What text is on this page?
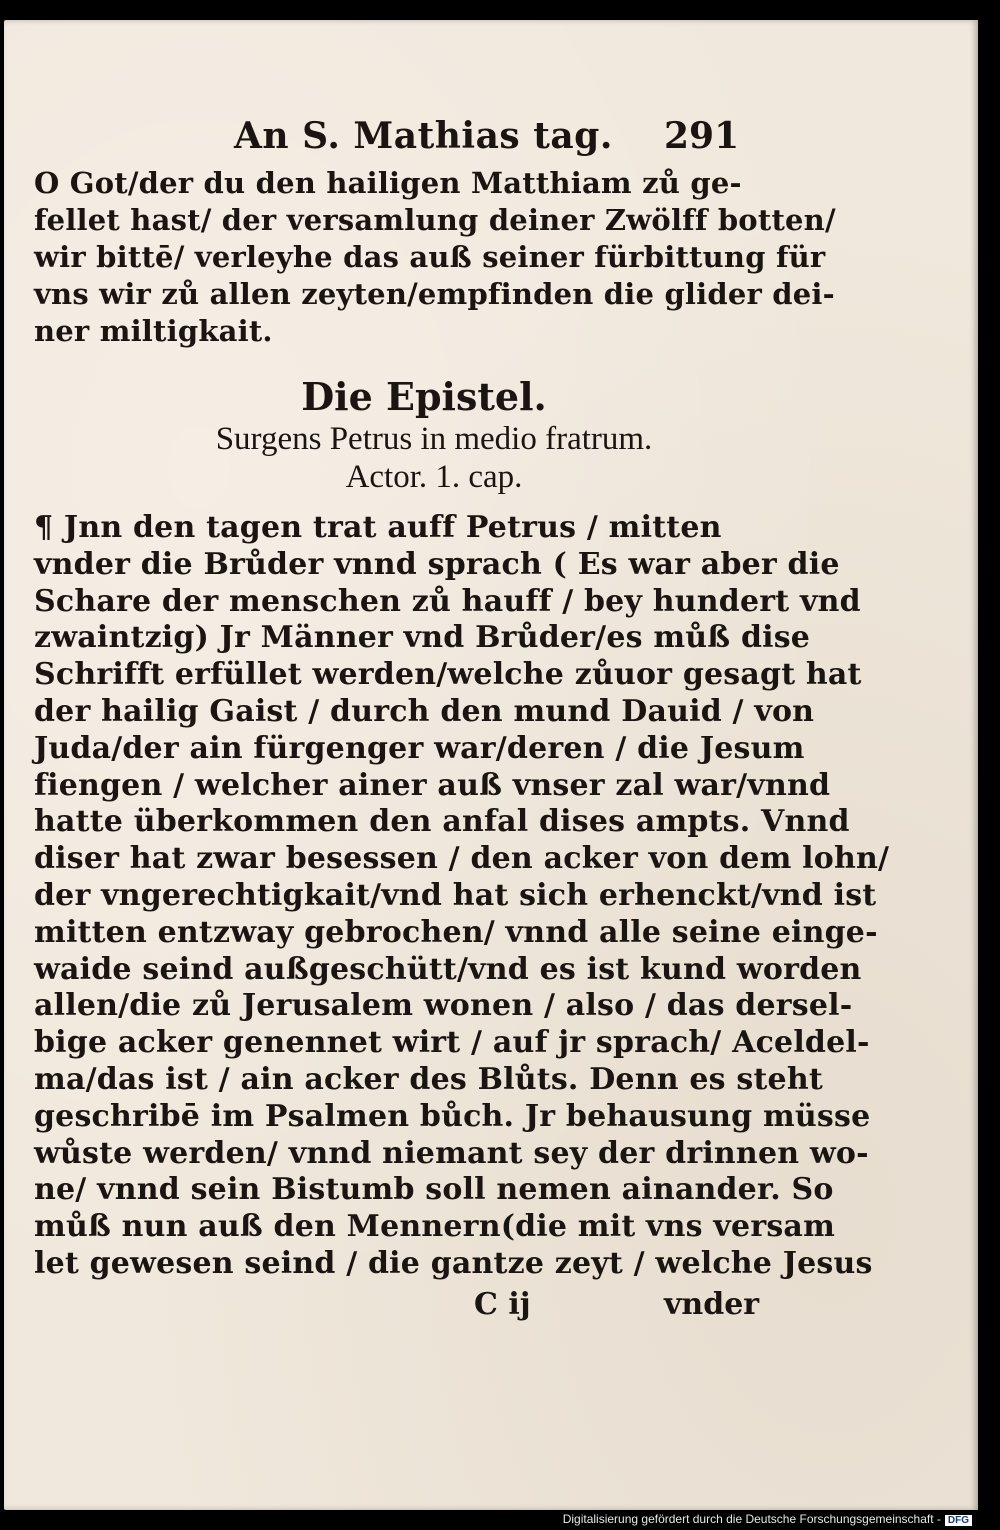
An S. Mathias tag. 291
O Got/der du den hailigen Matthiam zů ge-
fellet hast/ der versamlung deiner Zwölff botten/
wir bittē/ verleyhe das auß seiner fürbittung für
vns wir zů allen zeyten/empfinden die glider dei-
ner miltigkait.
Die Epistel.
Surgens Petrus in medio fratrum.
Actor. 1. cap.
¶ Jnn den tagen trat auff Petrus / mitten
vnder die Brůder vnnd sprach ( Es war aber die
Schare der menschen zů hauff / bey hundert vnd
zwaintzig) Jr Männer vnd Brůder/es můß dise
Schrifft erfüllet werden/welche zůuor gesagt hat
der hailig Gaist / durch den mund Dauid / von
Juda/der ain fürgenger war/deren / die Jesum
fiengen / welcher ainer auß vnser zal war/vnnd
hatte überkommen den anfal dises ampts. Vnnd
diser hat zwar besessen / den acker von dem lohn/
der vngerechtigkait/vnd hat sich erhenckt/vnd ist
mitten entzway gebrochen/ vnnd alle seine einge-
waide seind außgeschütt/vnd es ist kund worden
allen/die zů Jerusalem wonen / also / das dersel-
bige acker genennet wirt / auf jr sprach/ Aceldel-
ma/das ist / ain acker des Blůts. Denn es steht
geschribē im Psalmen bůch. Jr behausung müsse
wůste werden/ vnnd niemant sey der drinnen wo-
ne/ vnnd sein Bistumb soll nemen ainander. So
můß nun auß den Mennern(die mit vns versam
let gewesen seind / die gantze zeyt / welche Jesus
C ij	vnder
Digitalisierung gefördert durch die Deutsche Forschungsgemeinschaft - DFG
